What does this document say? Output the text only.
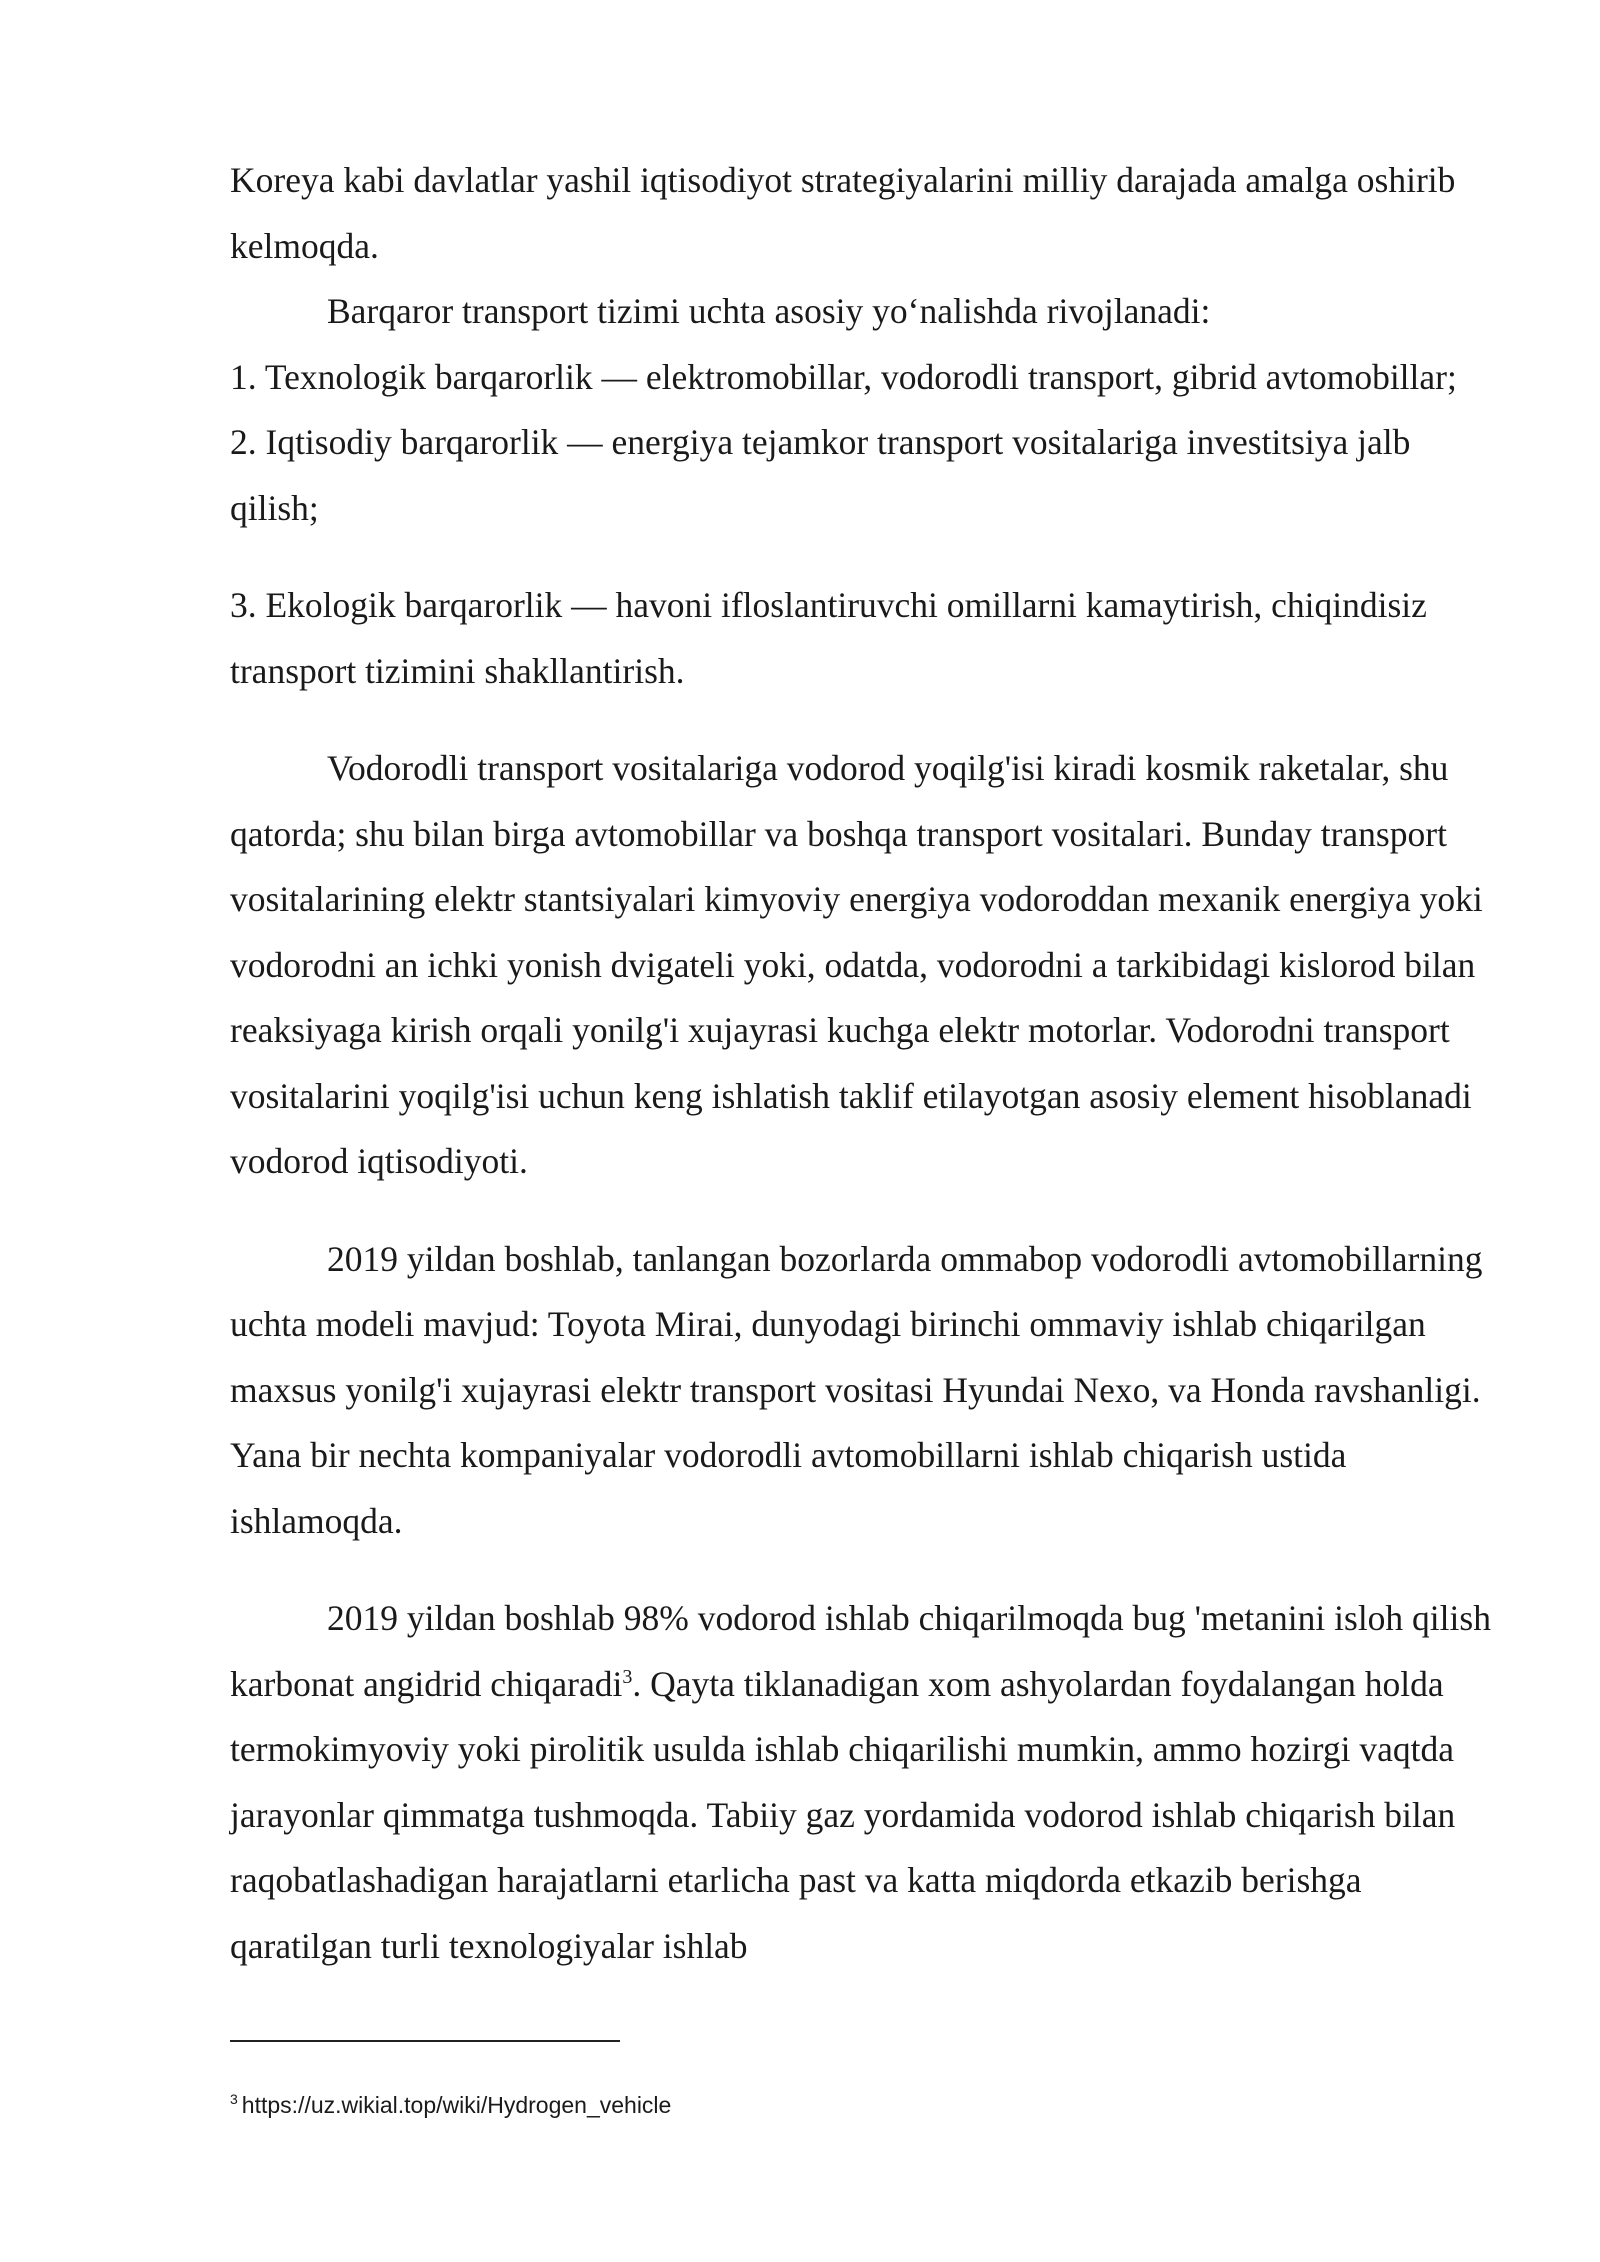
Koreya kabi davlatlar yashil iqtisodiyot strategiyalarini milliy darajada amalga oshirib kelmoqda.

Barqaror transport tizimi uchta asosiy yo‘nalishda rivojlanadi:

1. Texnologik barqarorlik — elektromobillar, vodorodli transport, gibrid avtomobillar;

2. Iqtisodiy barqarorlik — energiya tejamkor transport vositalariga investitsiya jalb qilish;

3. Ekologik barqarorlik — havoni ifloslantiruvchi omillarni kamaytirish, chiqindisiz transport tizimini shakllantirish.

Vodorodli transport vositalariga vodorod yoqilg'isi kiradi kosmik raketalar, shu qatorda; shu bilan birga avtomobillar va boshqa transport vositalari. Bunday transport vositalarining elektr stantsiyalari kimyoviy energiya vodoroddan mexanik energiya yoki vodorodni an ichki yonish dvigateli yoki, odatda, vodorodni a tarkibidagi kislorod bilan reaksiyaga kirish orqali yonilg'i xujayrasi kuchga elektr motorlar. Vodorodni transport vositalarini yoqilg'isi uchun keng ishlatish taklif etilayotgan asosiy element hisoblanadi vodorod iqtisodiyoti.

2019 yildan boshlab, tanlangan bozorlarda ommabop vodorodli avtomobillarning uchta modeli mavjud: Toyota Mirai, dunyodagi birinchi ommaviy ishlab chiqarilgan maxsus yonilg'i xujayrasi elektr transport vositasi Hyundai Nexo, va Honda ravshanligi. Yana bir nechta kompaniyalar vodorodli avtomobillarni ishlab chiqarish ustida ishlamoqda.

2019 yildan boshlab 98% vodorod ishlab chiqarilmoqda bug 'metanini isloh qilish karbonat angidrid chiqaradi$^3$. Qayta tiklanadigan xom ashyolardan foydalangan holda termokimyoviy yoki pirolitik usulda ishlab chiqarilishi mumkin, ammo hozirgi vaqtda jarayonlar qimmatga tushmoqda. Tabiiy gaz yordamida vodorod ishlab chiqarish bilan raqobatlashadigan harajatlarni etarlicha past va katta miqdorda etkazib berishga qaratilgan turli texnologiyalar ishlab

$^3$ https://uz.wikial.top/wiki/Hydrogen_vehicle
